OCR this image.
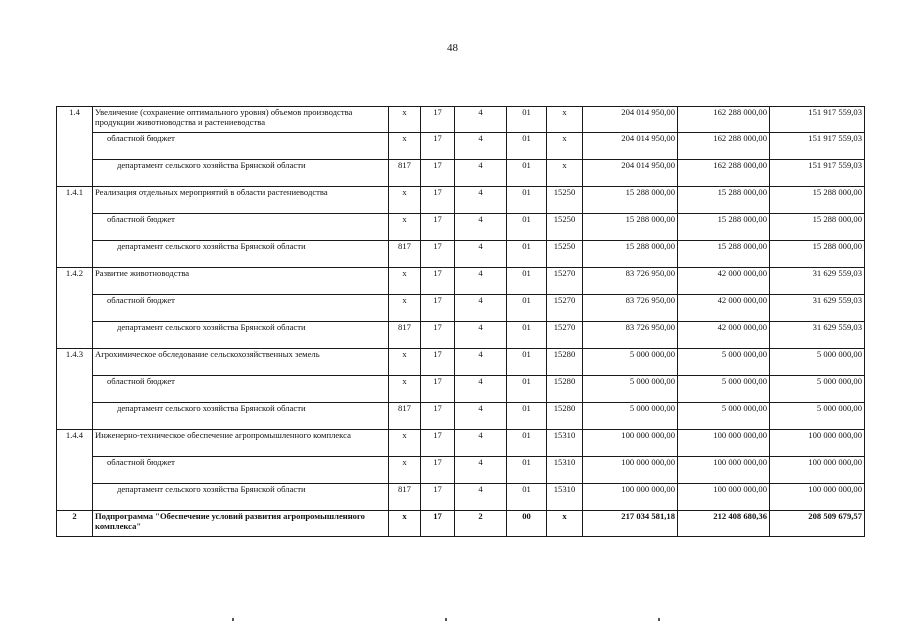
48
1.4	Увеличение (сохранение оптимального уровня) объемов производства продукции животноводства и растениеводства	x	17	4	01	x	204 014 950,00	162 288 000,00	151 917 559,03

	областной бюджет	x	17	4	01	x	204 014 950,00	162 288 000,00	151 917 559,03

	департамент сельского хозяйства Брянской области	817	17	4	01	x	204 014 950,00	162 288 000,00	151 917 559,03
1.4.1	Реализация отдельных мероприятий в области растениеводства	x	17	4	01	15250	15 288 000,00	15 288 000,00	15 288 000,00

	областной бюджет	x	17	4	01	15250	15 288 000,00	15 288 000,00	15 288 000,00

	департамент сельского хозяйства Брянской области	817	17	4	01	15250	15 288 000,00	15 288 000,00	15 288 000,00
1.4.2	Развитие животноводства	x	17	4	01	15270	83 726 950,00	42 000 000,00	31 629 559,03

	областной бюджет	x	17	4	01	15270	83 726 950,00	42 000 000,00	31 629 559,03

	департамент сельского хозяйства Брянской области	817	17	4	01	15270	83 726 950,00	42 000 000,00	31 629 559,03
1.4.3	Агрохимическое обследование сельскохозяйственных земель	x	17	4	01	15280	5 000 000,00	5 000 000,00	5 000 000,00

	областной бюджет	x	17	4	01	15280	5 000 000,00	5 000 000,00	5 000 000,00

	департамент сельского хозяйства Брянской области	817	17	4	01	15280	5 000 000,00	5 000 000,00	5 000 000,00
1.4.4	Инженерно-техническое обеспечение агропромышленного комплекса	x	17	4	01	15310	100 000 000,00	100 000 000,00	100 000 000,00

	областной бюджет	x	17	4	01	15310	100 000 000,00	100 000 000,00	100 000 000,00

	департамент сельского хозяйства Брянской области	817	17	4	01	15310	100 000 000,00	100 000 000,00	100 000 000,00
2	Подпрограмма "Обеспечение условий развития агропромышленного комплекса"	x	17	2	00	x	217 034 581,18	212 408 680,36	208 509 679,57
